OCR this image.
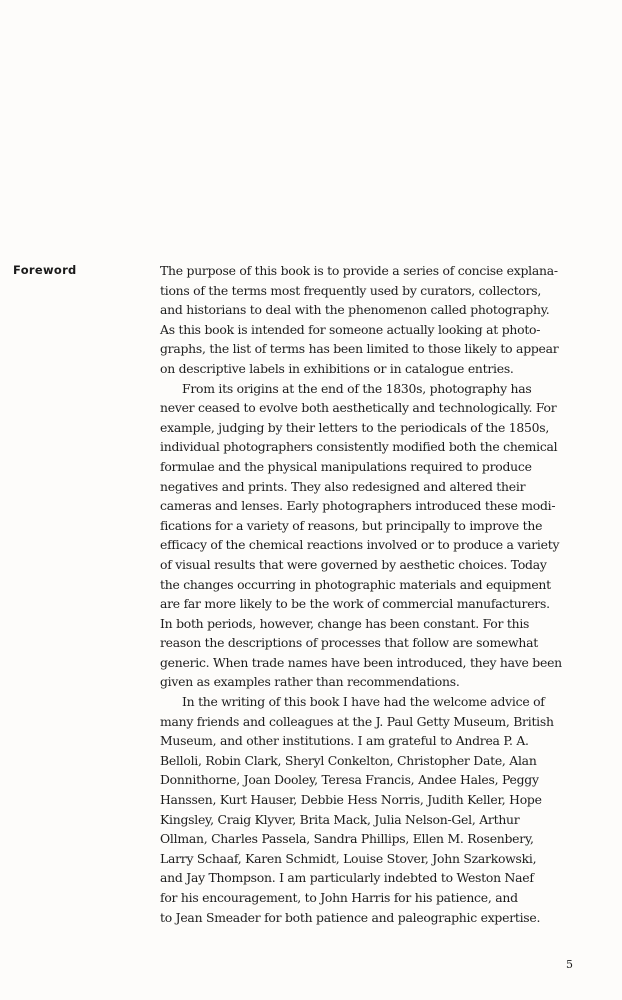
Foreword	The purpose of this book is to provide a series of concise explana-
tions of the terms most frequently used by curators, collectors,
and historians to deal with the phenomenon called photography.
As this book is intended for someone actually looking at photo-
graphs, the list of terms has been limited to those likely to appear
on descriptive labels in exhibitions or in catalogue entries.
From its origins at the end of the 1830s, photography has
never ceased to evolve both aesthetically and technologically. For
example, judging by their letters to the periodicals of the 1850s,
individual photographers consistently modified both the chemical
formulae and the physical manipulations required to produce
negatives and prints. They also redesigned and altered their
cameras and lenses. Early photographers introduced these modi-
fications for a variety of reasons, but principally to improve the
efficacy of the chemical reactions involved or to produce a variety
of visual results that were governed by aesthetic choices. Today
the changes occurring in photographic materials and equipment
are far more likely to be the work of commercial manufacturers.
In both periods, however, change has been constant. For this
reason the descriptions of processes that follow are somewhat
generic. When trade names have been introduced, they have been
given as examples rather than recommendations.
In the writing of this book I have had the welcome advice of
many friends and colleagues at the J. Paul Getty Museum, British
Museum, and other institutions. I am grateful to Andrea P. A.
Belloli, Robin Clark, Sheryl Conkelton, Christopher Date, Alan
Donnithorne, Joan Dooley, Teresa Francis, Andee Hales, Peggy
Hanssen, Kurt Hauser, Debbie Hess Norris, Judith Keller, Hope
Kingsley, Craig Klyver, Brita Mack, Julia Nelson-Gel, Arthur
Ollman, Charles Passela, Sandra Phillips, Ellen M. Rosenbery,
Larry Schaaf, Karen Schmidt, Louise Stover, John Szarkowski,
and Jay Thompson. I am particularly indebted to Weston Naef
for his encouragement, to John Harris for his patience, and
to Jean Smeader for both patience and paleographic expertise.
5
